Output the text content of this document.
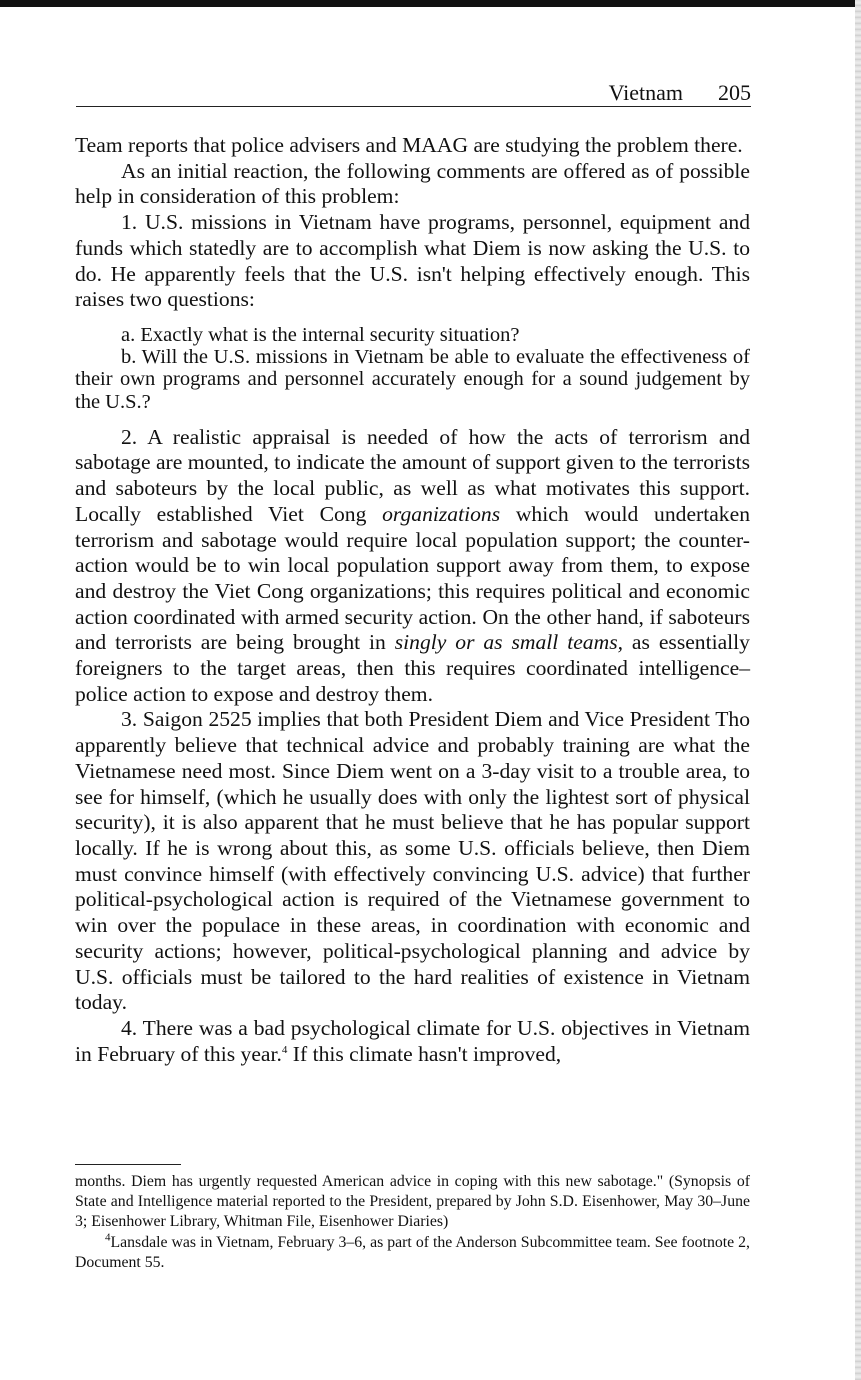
Vietnam 205

Team reports that police advisers and MAAG are studying the problem there.

As an initial reaction, the following comments are offered as of possible help in consideration of this problem:

1. U.S. missions in Vietnam have programs, personnel, equipment and funds which statedly are to accomplish what Diem is now asking the U.S. to do. He apparently feels that the U.S. isn't helping effectively enough. This raises two questions:

a. Exactly what is the internal security situation?

b. Will the U.S. missions in Vietnam be able to evaluate the effectiveness of their own programs and personnel accurately enough for a sound judgement by the U.S.?

2. A realistic appraisal is needed of how the acts of terrorism and sabotage are mounted, to indicate the amount of support given to the terrorists and saboteurs by the local public, as well as what motivates this support. Locally established Viet Cong organizations which would undertaken terrorism and sabotage would require local population support; the counter-action would be to win local population support away from them, to expose and destroy the Viet Cong organizations; this requires political and economic action coordinated with armed security action. On the other hand, if saboteurs and terrorists are being brought in singly or as small teams, as essentially foreigners to the target areas, then this requires coordinated intelligence–police action to expose and destroy them.

3. Saigon 2525 implies that both President Diem and Vice President Tho apparently believe that technical advice and probably training are what the Vietnamese need most. Since Diem went on a 3-day visit to a trouble area, to see for himself, (which he usually does with only the lightest sort of physical security), it is also apparent that he must believe that he has popular support locally. If he is wrong about this, as some U.S. officials believe, then Diem must convince himself (with effectively convincing U.S. advice) that further political-psychological action is required of the Vietnamese government to win over the populace in these areas, in coordination with economic and security actions; however, political-psychological planning and advice by U.S. officials must be tailored to the hard realities of existence in Vietnam today.

4. There was a bad psychological climate for U.S. objectives in Vietnam in February of this year.$^4$ If this climate hasn't improved,

months. Diem has urgently requested American advice in coping with this new sabotage." (Synopsis of State and Intelligence material reported to the President, prepared by John S.D. Eisenhower, May 30–June 3; Eisenhower Library, Whitman File, Eisenhower Diaries)

$^4$Lansdale was in Vietnam, February 3–6, as part of the Anderson Subcommittee team. See footnote 2, Document 55.
